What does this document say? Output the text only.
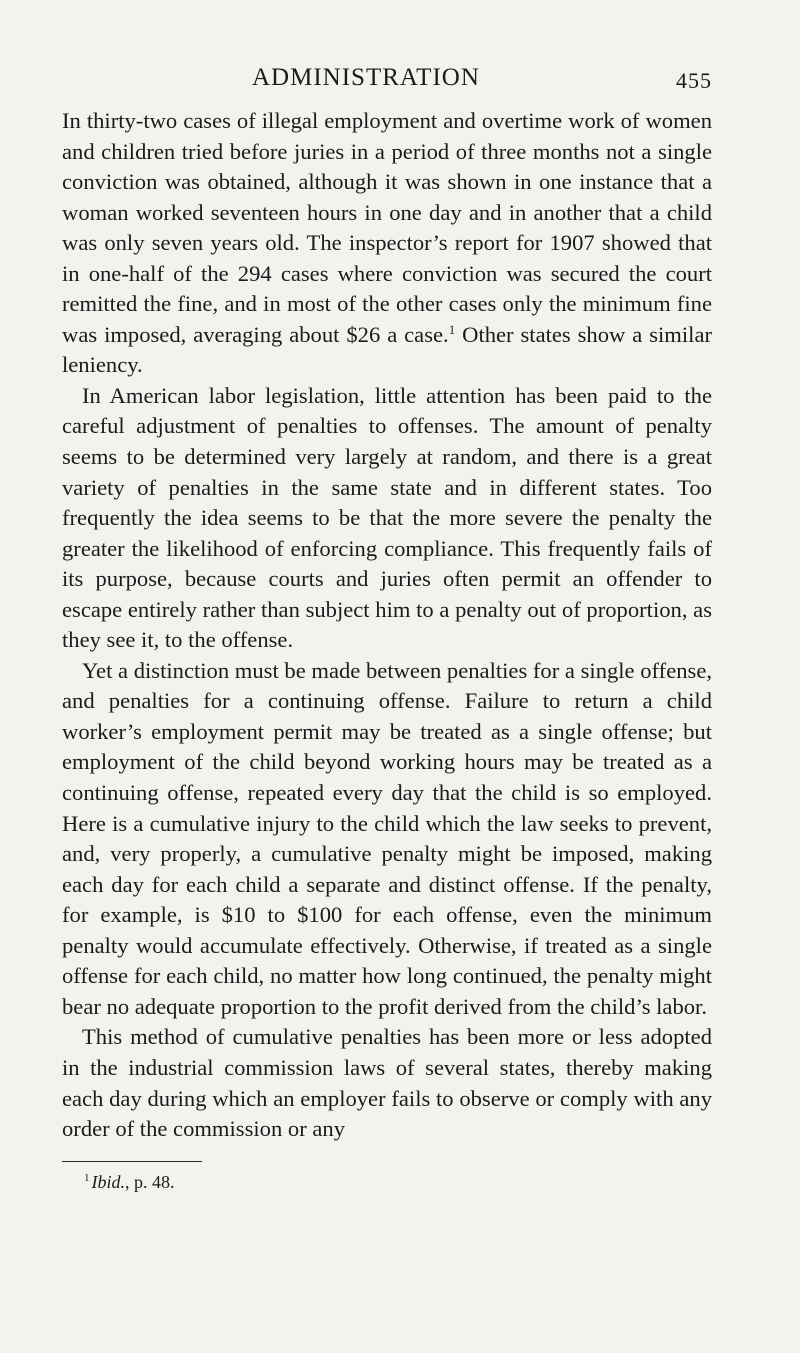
ADMINISTRATION	455

In thirty-two cases of illegal employment and overtime work of women and children tried before juries in a period of three months not a single conviction was obtained, although it was shown in one instance that a woman worked seventeen hours in one day and in another that a child was only seven years old. The inspector’s report for 1907 showed that in one-half of the 294 cases where conviction was secured the court remitted the fine, and in most of the other cases only the minimum fine was imposed, averaging about $26 a case.$^1$ Other states show a similar leniency.

In American labor legislation, little attention has been paid to the careful adjustment of penalties to offenses. The amount of penalty seems to be determined very largely at random, and there is a great variety of penalties in the same state and in different states. Too frequently the idea seems to be that the more severe the penalty the greater the likelihood of enforcing compliance. This frequently fails of its purpose, because courts and juries often permit an offender to escape entirely rather than subject him to a penalty out of proportion, as they see it, to the offense.

Yet a distinction must be made between penalties for a single offense, and penalties for a continuing offense. Failure to return a child worker’s employment permit may be treated as a single offense; but employment of the child beyond working hours may be treated as a continuing offense, repeated every day that the child is so employed. Here is a cumulative injury to the child which the law seeks to prevent, and, very properly, a cumulative penalty might be imposed, making each day for each child a separate and distinct offense. If the penalty, for example, is $10 to $100 for each offense, even the minimum penalty would accumulate effectively. Otherwise, if treated as a single offense for each child, no matter how long continued, the penalty might bear no adequate proportion to the profit derived from the child’s labor.

This method of cumulative penalties has been more or less adopted in the industrial commission laws of several states, thereby making each day during which an employer fails to observe or comply with any order of the commission or any

$^1$ Ibid., p. 48.
